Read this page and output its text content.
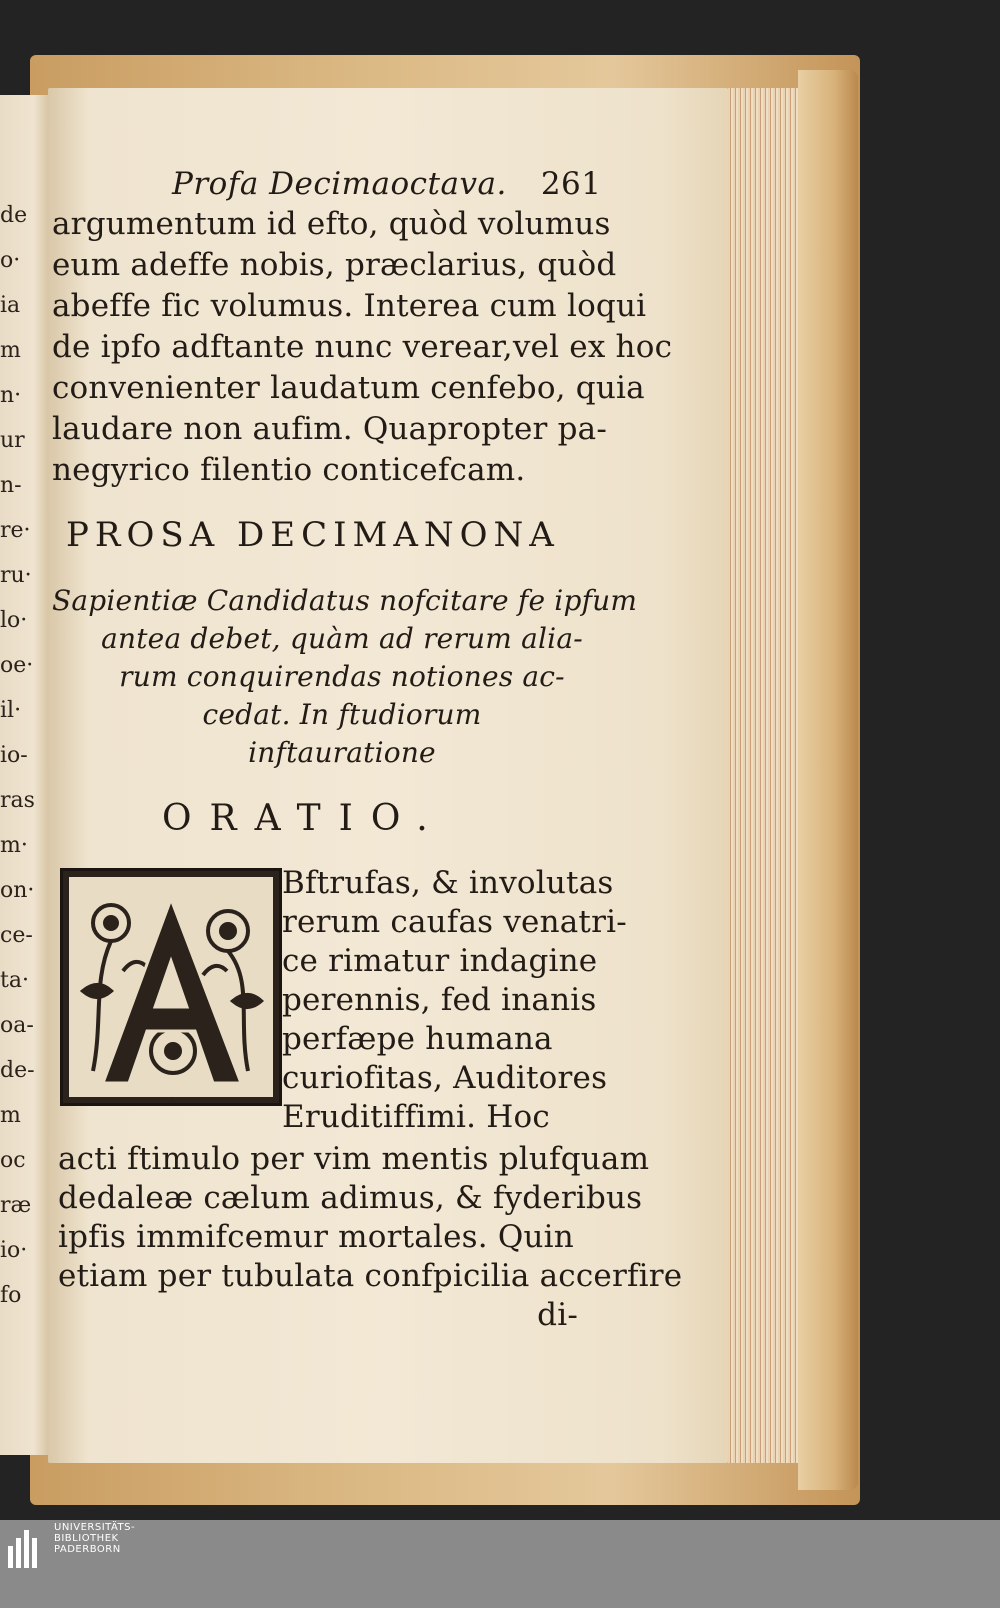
de
o·
ia
m
n·
ur
n-
re·
ru·
lo·
oe·
il·
io-
ras
m·
on·
ce-
ta·
oa-
de-
m
oc
ræ
io·
fo
Profa Decimaoctava. 261
argumentum id efto, quòd volumus
eum adeffe nobis, præclarius, quòd
abeffe fic volumus. Interea cum loqui
de ipfo adftante nunc verear,vel ex hoc
convenienter laudatum cenfebo, quia
laudare non aufim. Quapropter pa-
negyrico filentio conticefcam.
PROSA DECIMANONA
Sapientiæ Candidatus nofcitare fe ipfum
antea debet, quàm ad rerum alia-
rum conquirendas notiones ac-
cedat. In ftudiorum
inftauratione
ORATIO.
A
Bftrufas, & involutas
rerum caufas venatri-
ce rimatur indagine
perennis, fed inanis
perfæpe humana
curiofitas, Auditores
Eruditiffimi. Hoc
acti ftimulo per vim mentis plufquam
dedaleæ cælum adimus, & fyderibus
ipfis immifcemur mortales. Quin
etiam per tubulata confpicilia accerfire
di-
UNIVERSITÄTS-
BIBLIOTHEK
PADERBORN
